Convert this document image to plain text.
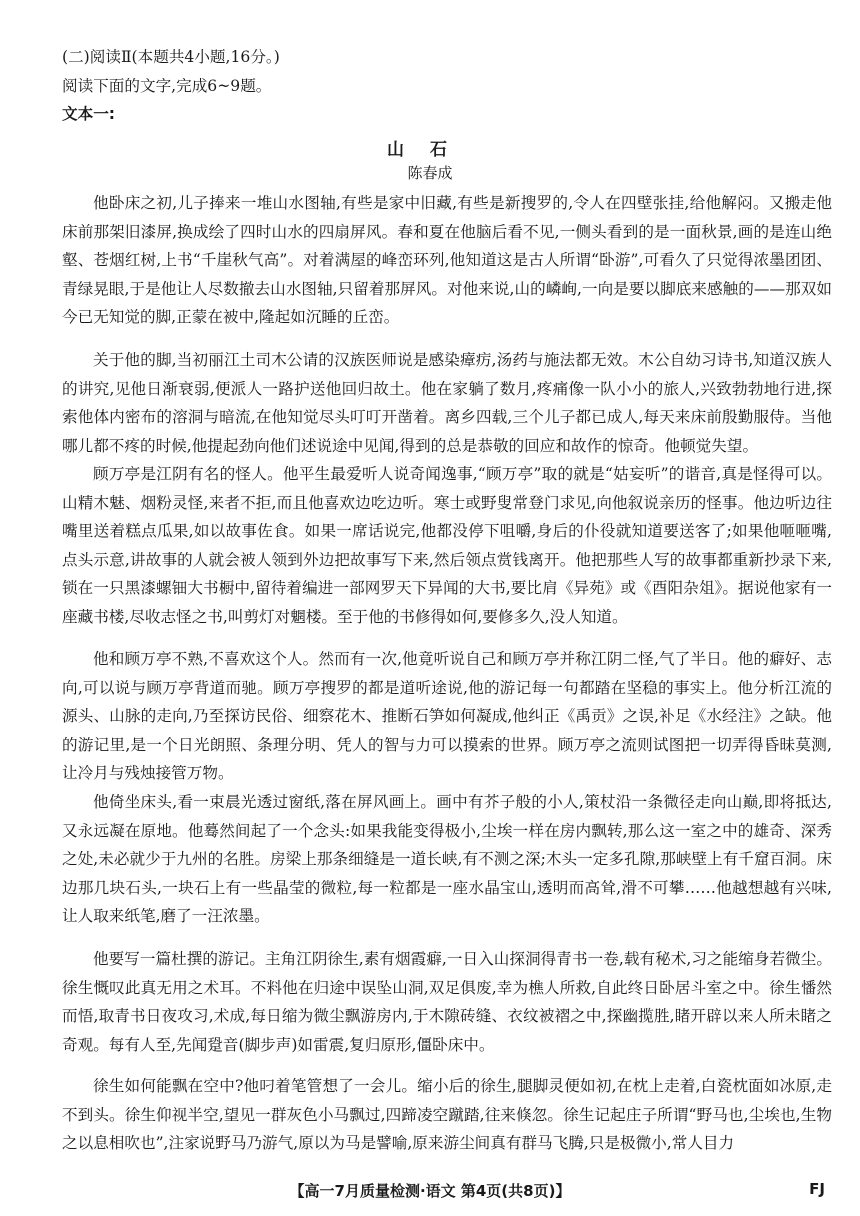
(二)阅读Ⅱ(本题共4小题,16分。)
阅读下面的文字,完成6~9题。
文本一:
山石
陈春成
他卧床之初,儿子捧来一堆山水图轴,有些是家中旧藏,有些是新搜罗的,令人在四壁张挂,给他解闷。又搬走他床前那架旧漆屏,换成绘了四时山水的四扇屏风。春和夏在他脑后看不见,一侧头看到的是一面秋景,画的是连山绝壑、苍烟红树,上书“千崖秋气高”。对着满屋的峰峦环列,他知道这是古人所谓“卧游”,可看久了只觉得浓墨团团、青绿晃眼,于是他让人尽数撤去山水图轴,只留着那屏风。对他来说,山的嶙峋,一向是要以脚底来感触的——那双如今已无知觉的脚,正蒙在被中,隆起如沉睡的丘峦。
关于他的脚,当初丽江土司木公请的汉族医师说是感染瘴疠,汤药与施法都无效。木公自幼习诗书,知道汉族人的讲究,见他日渐衰弱,便派人一路护送他回归故土。他在家躺了数月,疼痛像一队小小的旅人,兴致勃勃地行进,探索他体内密布的溶洞与暗流,在他知觉尽头叮叮开凿着。离乡四载,三个儿子都已成人,每天来床前殷勤服侍。当他哪儿都不疼的时候,他提起劲向他们述说途中见闻,得到的总是恭敬的回应和故作的惊奇。他顿觉失望。
顾万亭是江阴有名的怪人。他平生最爱听人说奇闻逸事,“顾万亭”取的就是“姑妄听”的谐音,真是怪得可以。山精木魅、烟粉灵怪,来者不拒,而且他喜欢边吃边听。寒士或野叟常登门求见,向他叙说亲历的怪事。他边听边往嘴里送着糕点瓜果,如以故事佐食。如果一席话说完,他都没停下咀嚼,身后的仆役就知道要送客了;如果他咂咂嘴,点头示意,讲故事的人就会被人领到外边把故事写下来,然后领点赏钱离开。他把那些人写的故事都重新抄录下来,锁在一只黑漆螺钿大书橱中,留待着编进一部网罗天下异闻的大书,要比肩《异苑》或《酉阳杂俎》。据说他家有一座藏书楼,尽收志怪之书,叫剪灯对魍楼。至于他的书修得如何,要修多久,没人知道。
他和顾万亭不熟,不喜欢这个人。然而有一次,他竟听说自己和顾万亭并称江阴二怪,气了半日。他的癖好、志向,可以说与顾万亭背道而驰。顾万亭搜罗的都是道听途说,他的游记每一句都踏在坚稳的事实上。他分析江流的源头、山脉的走向,乃至探访民俗、细察花木、推断石笋如何凝成,他纠正《禹贡》之误,补足《水经注》之缺。他的游记里,是一个日光朗照、条理分明、凭人的智与力可以摸索的世界。顾万亭之流则试图把一切弄得昏昧莫测,让冷月与残烛接管万物。
他倚坐床头,看一束晨光透过窗纸,落在屏风画上。画中有芥子般的小人,策杖沿一条微径走向山巅,即将抵达,又永远凝在原地。他蓦然间起了一个念头:如果我能变得极小,尘埃一样在房内飘转,那么这一室之中的雄奇、深秀之处,未必就少于九州的名胜。房梁上那条细缝是一道长峡,有不测之深;木头一定多孔隙,那峡壁上有千窟百洞。床边那几块石头,一块石上有一些晶莹的微粒,每一粒都是一座水晶宝山,透明而高耸,滑不可攀……他越想越有兴味,让人取来纸笔,磨了一汪浓墨。
他要写一篇杜撰的游记。主角江阴徐生,素有烟霞癖,一日入山探洞得青书一卷,载有秘术,习之能缩身若微尘。徐生慨叹此真无用之术耳。不料他在归途中误坠山洞,双足俱废,幸为樵人所救,自此终日卧居斗室之中。徐生憣然而悟,取青书日夜攻习,术成,每日缩为微尘飘游房内,于木隙砖缝、衣纹被褶之中,探幽揽胜,睹开辟以来人所未睹之奇观。每有人至,先闻跫音(脚步声)如雷震,复归原形,僵卧床中。
徐生如何能飘在空中?他叼着笔管想了一会儿。缩小后的徐生,腿脚灵便如初,在枕上走着,白瓷枕面如冰原,走不到头。徐生仰视半空,望见一群灰色小马飘过,四蹄凌空蹴踏,往来倏忽。徐生记起庄子所谓“野马也,尘埃也,生物之以息相吹也”,注家说野马乃游气,原以为马是譬喻,原来游尘间真有群马飞腾,只是极微小,常人目力
【高一7月质量检测·语文 第4页(共8页)】	FJ
